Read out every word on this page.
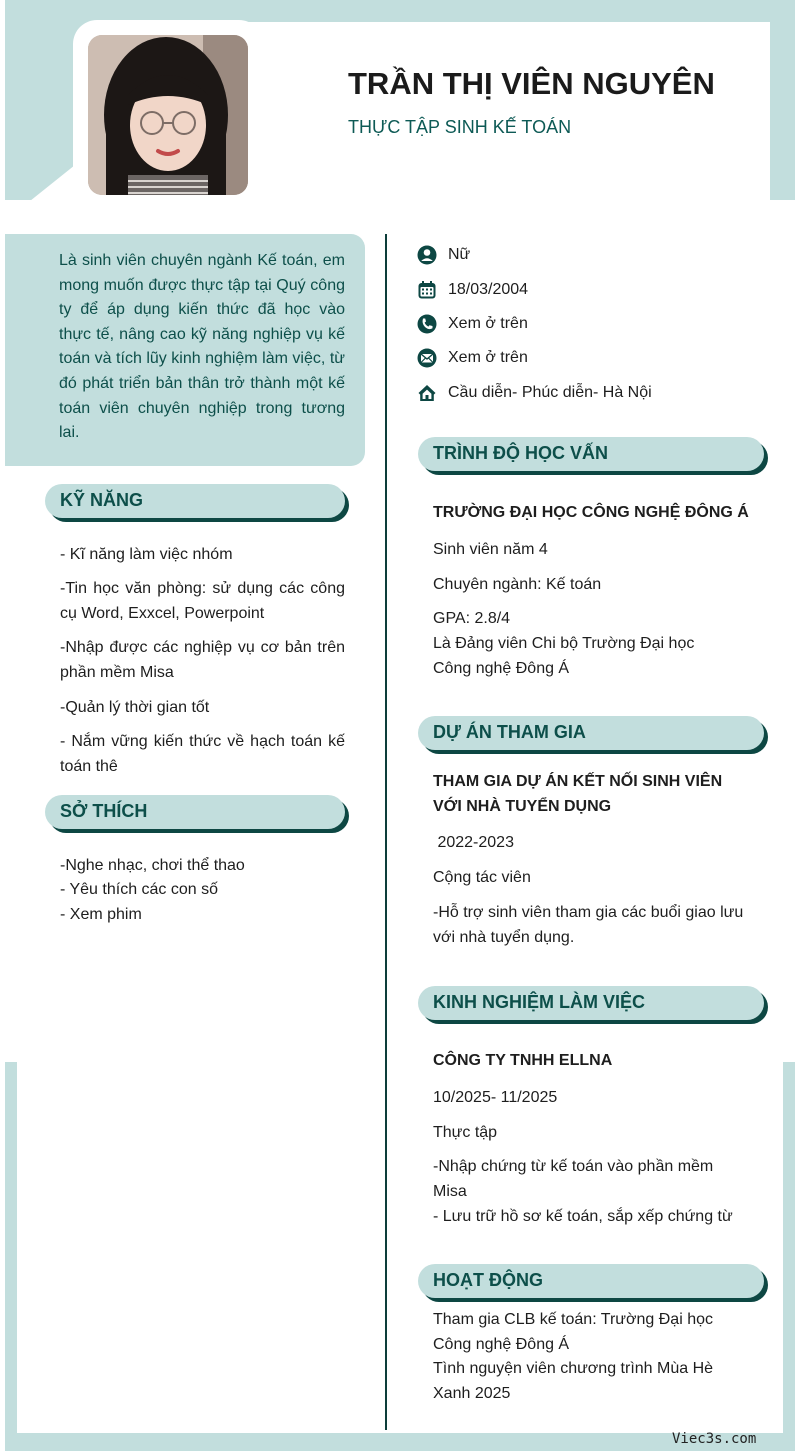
TRẦN THỊ VIÊN NGUYÊN
THỰC TẬP SINH KẾ TOÁN
Là sinh viên chuyên ngành Kế toán, em mong muốn được thực tập tại Quý công ty để áp dụng kiến thức đã học vào thực tế, nâng cao kỹ năng nghiệp vụ kế toán và tích lũy kinh nghiệm làm việc, từ đó phát triển bản thân trở thành một kế toán viên chuyên nghiệp trong tương lai.
KỸ NĂNG
- Kĩ năng làm việc nhóm
-Tin học văn phòng: sử dụng các công cụ Word, Exxcel, Powerpoint
-Nhập được các nghiệp vụ cơ bản trên phần mềm Misa
-Quản lý thời gian tốt
- Nắm vững kiến thức về hạch toán kế toán thê
SỞ THÍCH
-Nghe nhạc, chơi thể thao
- Yêu thích các con số
- Xem phim
Nữ
18/03/2004
Xem ở trên
Xem ở trên
Cầu diễn- Phúc diễn- Hà Nội
TRÌNH ĐỘ HỌC VẤN
TRƯỜNG ĐẠI HỌC CÔNG NGHỆ ĐÔNG Á
Sinh viên năm 4
Chuyên ngành: Kế toán
GPA: 2.8/4
Là Đảng viên Chi bộ Trường Đại học Công nghệ Đông Á
DỰ ÁN THAM GIA
THAM GIA DỰ ÁN KẾT NỐI SINH VIÊN VỚI NHÀ TUYỂN DỤNG
2022-2023
Cộng tác viên
-Hỗ trợ sinh viên tham gia các buổi giao lưu với nhà tuyển dụng.
KINH NGHIỆM LÀM VIỆC
CÔNG TY TNHH ELLNA
10/2025- 11/2025
Thực tập
-Nhập chứng từ kế toán vào phần mềm Misa
- Lưu trữ hồ sơ kế toán, sắp xếp chứng từ
HOẠT ĐỘNG
Tham gia CLB kế toán: Trường Đại học Công nghệ Đông Á
Tình nguyện viên chương trình Mùa Hè Xanh 2025
Viec3s.com
